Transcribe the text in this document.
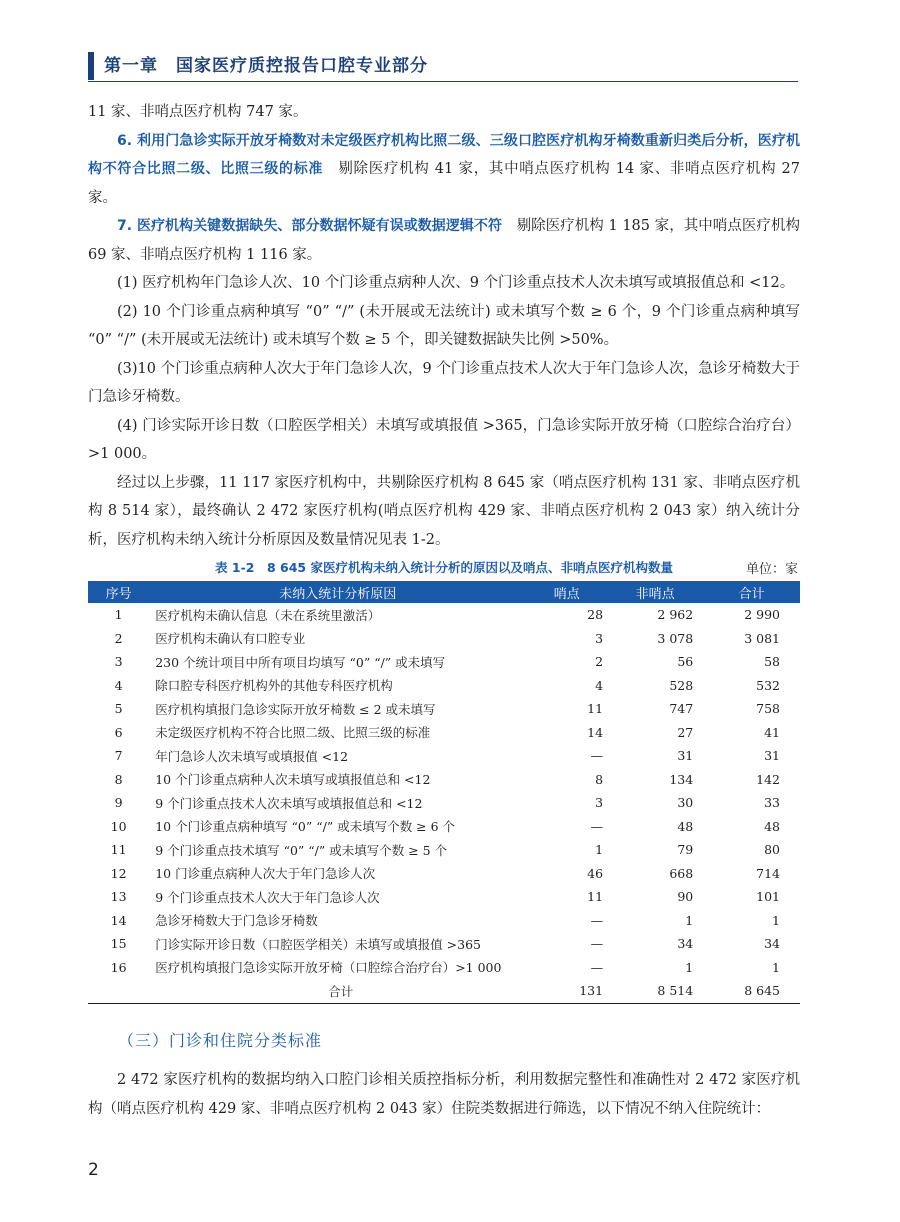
第一章　国家医疗质控报告口腔专业部分

11 家、非哨点医疗机构 747 家。

6. 利用门急诊实际开放牙椅数对未定级医疗机构比照二级、三级口腔医疗机构牙椅数重新归类后分析，医疗机构不符合比照二级、比照三级的标准　 剔除医疗机构 41 家，其中哨点医疗机构 14 家、非哨点医疗机构 27 家。

7. 医疗机构关键数据缺失、部分数据怀疑有误或数据逻辑不符　 剔除医疗机构 1 185 家，其中哨点医疗机构 69 家、非哨点医疗机构 1 116 家。

(1) 医疗机构年门急诊人次、10 个门诊重点病种人次、9 个门诊重点技术人次未填写或填报值总和 <12。

(2) 10 个门诊重点病种填写 “0” “/” (未开展或无法统计) 或未填写个数 ≥ 6 个，9 个门诊重点病种填写 “0” “/” (未开展或无法统计) 或未填写个数 ≥ 5 个，即关键数据缺失比例 >50%。

(3)10 个门诊重点病种人次大于年门急诊人次，9 个门诊重点技术人次大于年门急诊人次，急诊牙椅数大于门急诊牙椅数。

(4) 门诊实际开诊日数（口腔医学相关）未填写或填报值 >365，门急诊实际开放牙椅（口腔综合治疗台）>1 000。

经过以上步骤，11 117 家医疗机构中，共剔除医疗机构 8 645 家（哨点医疗机构 131 家、非哨点医疗机构 8 514 家），最终确认 2 472 家医疗机构(哨点医疗机构 429 家、非哨点医疗机构 2 043 家）纳入统计分析，医疗机构未纳入统计分析原因及数量情况见表 1-2。

表 1-2　8 645 家医疗机构未纳入统计分析的原因以及哨点、非哨点医疗机构数量	单位：家
序号	未纳入统计分析原因	哨点	非哨点	合计
1	医疗机构未确认信息（未在系统里激活）	28	2 962	2 990
2	医疗机构未确认有口腔专业	3	3 078	3 081
3	230 个统计项目中所有项目均填写 “0” “/” 或未填写	2	56	58
4	除口腔专科医疗机构外的其他专科医疗机构	4	528	532
5	医疗机构填报门急诊实际开放牙椅数 ≤ 2 或未填写	11	747	758
6	未定级医疗机构不符合比照二级、比照三级的标准	14	27	41
7	年门急诊人次未填写或填报值 <12	—	31	31
8	10 个门诊重点病种人次未填写或填报值总和 <12	8	134	142
9	9 个门诊重点技术人次未填写或填报值总和 <12	3	30	33
10	10 个门诊重点病种填写 “0” “/” 或未填写个数 ≥ 6 个	—	48	48
11	9 个门诊重点技术填写 “0” “/” 或未填写个数 ≥ 5 个	1	79	80
12	10 门诊重点病种人次大于年门急诊人次	46	668	714
13	9 个门诊重点技术人次大于年门急诊人次	11	90	101
14	急诊牙椅数大于门急诊牙椅数	—	1	1
15	门诊实际开诊日数（口腔医学相关）未填写或填报值 >365	—	34	34
16	医疗机构填报门急诊实际开放牙椅（口腔综合治疗台）>1 000	—	1	1
	合计	131	8 514	8 645
（三）门诊和住院分类标准

2 472 家医疗机构的数据均纳入口腔门诊相关质控指标分析，利用数据完整性和准确性对 2 472 家医疗机构（哨点医疗机构 429 家、非哨点医疗机构 2 043 家）住院类数据进行筛选，以下情况不纳入住院统计：

2
